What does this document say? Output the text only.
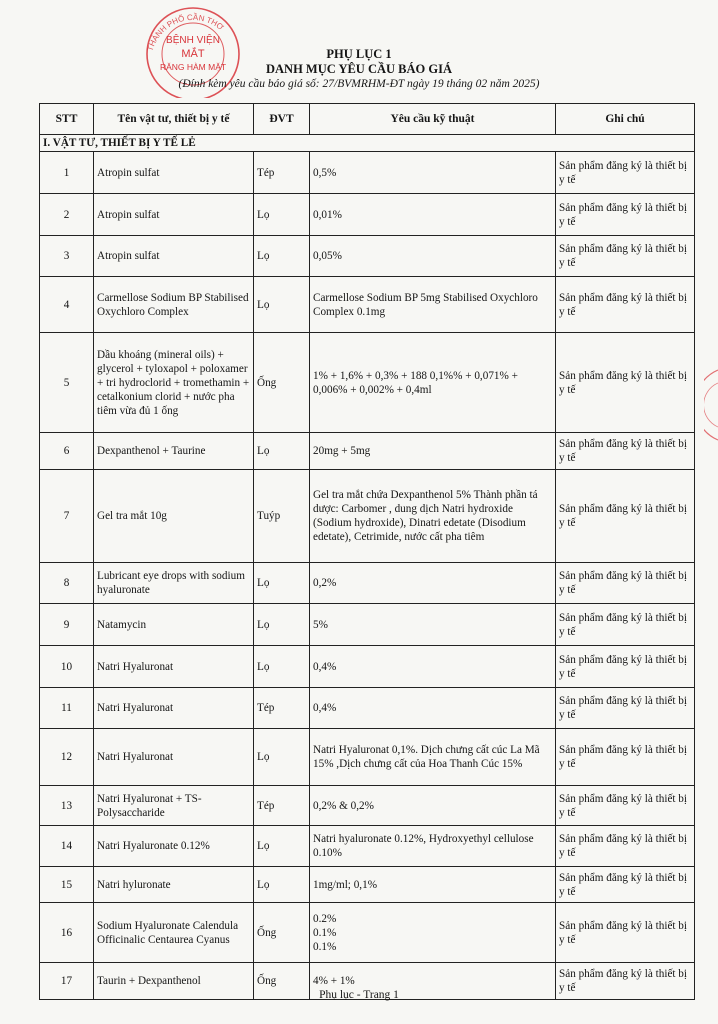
THÀNH PHỐ CẦN THƠ
BỆNH VIỆN
MẮT
RĂNG HÀM MẶT
PHỤ LỤC 1
DANH MỤC YÊU CẦU BÁO GIÁ
(Đính kèm yêu cầu báo giá số: 27/BVMRHM-ĐT ngày 19 tháng 02 năm 2025)
STT	Tên vật tư, thiết bị y tế	ĐVT	Yêu cầu kỹ thuật	Ghi chú
I. VẬT TƯ, THIẾT BỊ Y TẾ LẺ				
1	Atropin sulfat	Tép	0,5%	Sản phẩm đăng ký là thiết bị y tế
2	Atropin sulfat	Lọ	0,01%	Sản phẩm đăng ký là thiết bị y tế
3	Atropin sulfat	Lọ	0,05%	Sản phẩm đăng ký là thiết bị y tế
4	Carmellose Sodium BP Stabilised Oxychloro Complex	Lọ	Carmellose Sodium BP 5mg Stabilised Oxychloro Complex 0.1mg	Sản phẩm đăng ký là thiết bị y tế
5	Dầu khoáng (mineral oils) + glycerol + tyloxapol + poloxamer + tri hydroclorid + tromethamin + cetalkonium clorid + nước pha tiêm vừa đủ 1 ống	Ống	1% + 1,6% + 0,3% + 188 0,1%% + 0,071% + 0,006% + 0,002% + 0,4ml	Sản phẩm đăng ký là thiết bị y tế
6	Dexpanthenol + Taurine	Lọ	20mg + 5mg	Sản phẩm đăng ký là thiết bị y tế
7	Gel tra mắt 10g	Tuýp	Gel tra mắt chứa Dexpanthenol 5% Thành phần tá dược: Carbomer , dung dịch Natri hydroxide (Sodium hydroxide), Dinatri edetate (Disodium edetate), Cetrimide, nước cất pha tiêm	Sản phẩm đăng ký là thiết bị y tế
8	Lubricant eye drops with sodium hyaluronate	Lọ	0,2%	Sản phẩm đăng ký là thiết bị y tế
9	Natamycin	Lọ	5%	Sản phẩm đăng ký là thiết bị y tế
10	Natri Hyaluronat	Lọ	0,4%	Sản phẩm đăng ký là thiết bị y tế
11	Natri Hyaluronat	Tép	0,4%	Sản phẩm đăng ký là thiết bị y tế
12	Natri Hyaluronat	Lọ	Natri Hyaluronat 0,1%. Dịch chưng cất cúc La Mã 15% ,Dịch chưng cất của Hoa Thanh Cúc 15%	Sản phẩm đăng ký là thiết bị y tế
13	Natri Hyaluronat + TS-Polysaccharide	Tép	0,2% & 0,2%	Sản phẩm đăng ký là thiết bị y tế
14	Natri Hyaluronate 0.12%	Lọ	Natri hyaluronate 0.12%, Hydroxyethyl cellulose 0.10%	Sản phẩm đăng ký là thiết bị y tế
15	Natri hyluronate	Lọ	1mg/ml; 0,1%	Sản phẩm đăng ký là thiết bị y tế
16	Sodium Hyaluronate Calendula Officinalic Centaurea Cyanus	Ống	0.2%
0.1%
0.1%	Sản phẩm đăng ký là thiết bị y tế
17	Taurin + Dexpanthenol	Ống	4% + 1%	Sản phẩm đăng ký là thiết bị y tế
Phụ lục - Trang 1
